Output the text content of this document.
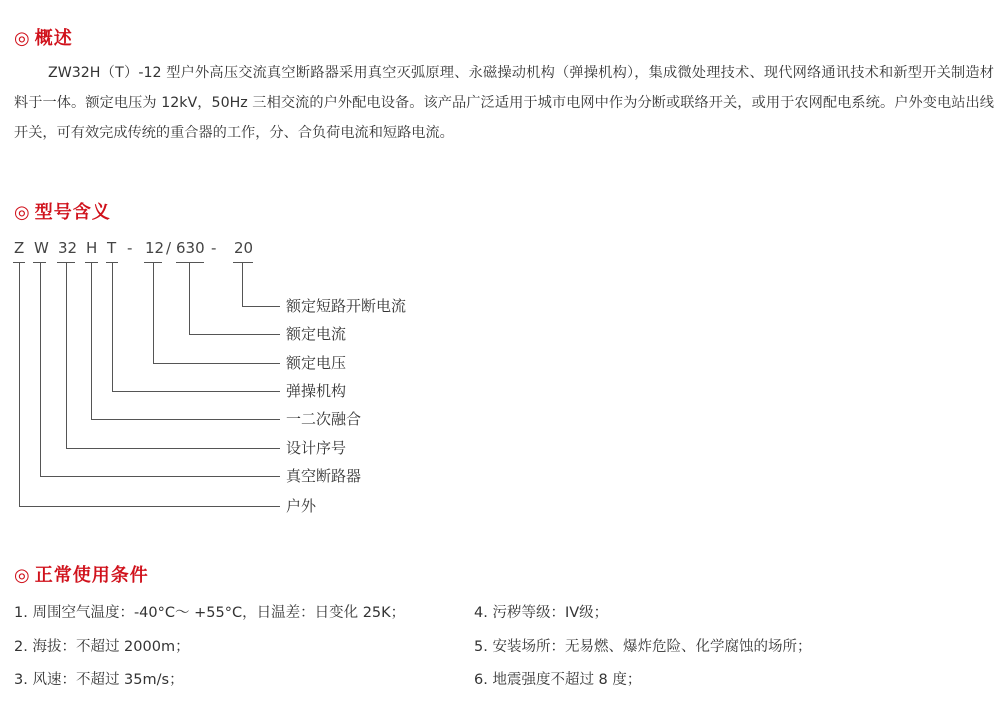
◎ 概述

ZW32H（T）-12 型户外高压交流真空断路器采用真空灭弧原理、永磁操动机构（弹操机构），集成微处理技术、现代网络通讯技术和新型开关制造材料于一体。额定电压为 12kV，50Hz 三相交流的户外配电设备。该产品广泛适用于城市电网中作为分断或联络开关，或用于农网配电系统。户外变电站出线开关，可有效完成传统的重合器的工作，分、合负荷电流和短路电流。

◎ 型号含义
Z W 32 H T - 12 / 630 - 20
额定短路开断电流
额定电流
额定电压
弹操机构
一二次融合
设计序号
真空断路器
户外
◎ 正常使用条件
1. 周围空气温度：-40°C～ +55°C，日温差：日变化 25K；
2. 海拔：不超过 2000m；
3. 风速：不超过 35m/s；
4. 污秽等级：IV级；
5. 安装场所：无易燃、爆炸危险、化学腐蚀的场所；
6. 地震强度不超过 8 度；
